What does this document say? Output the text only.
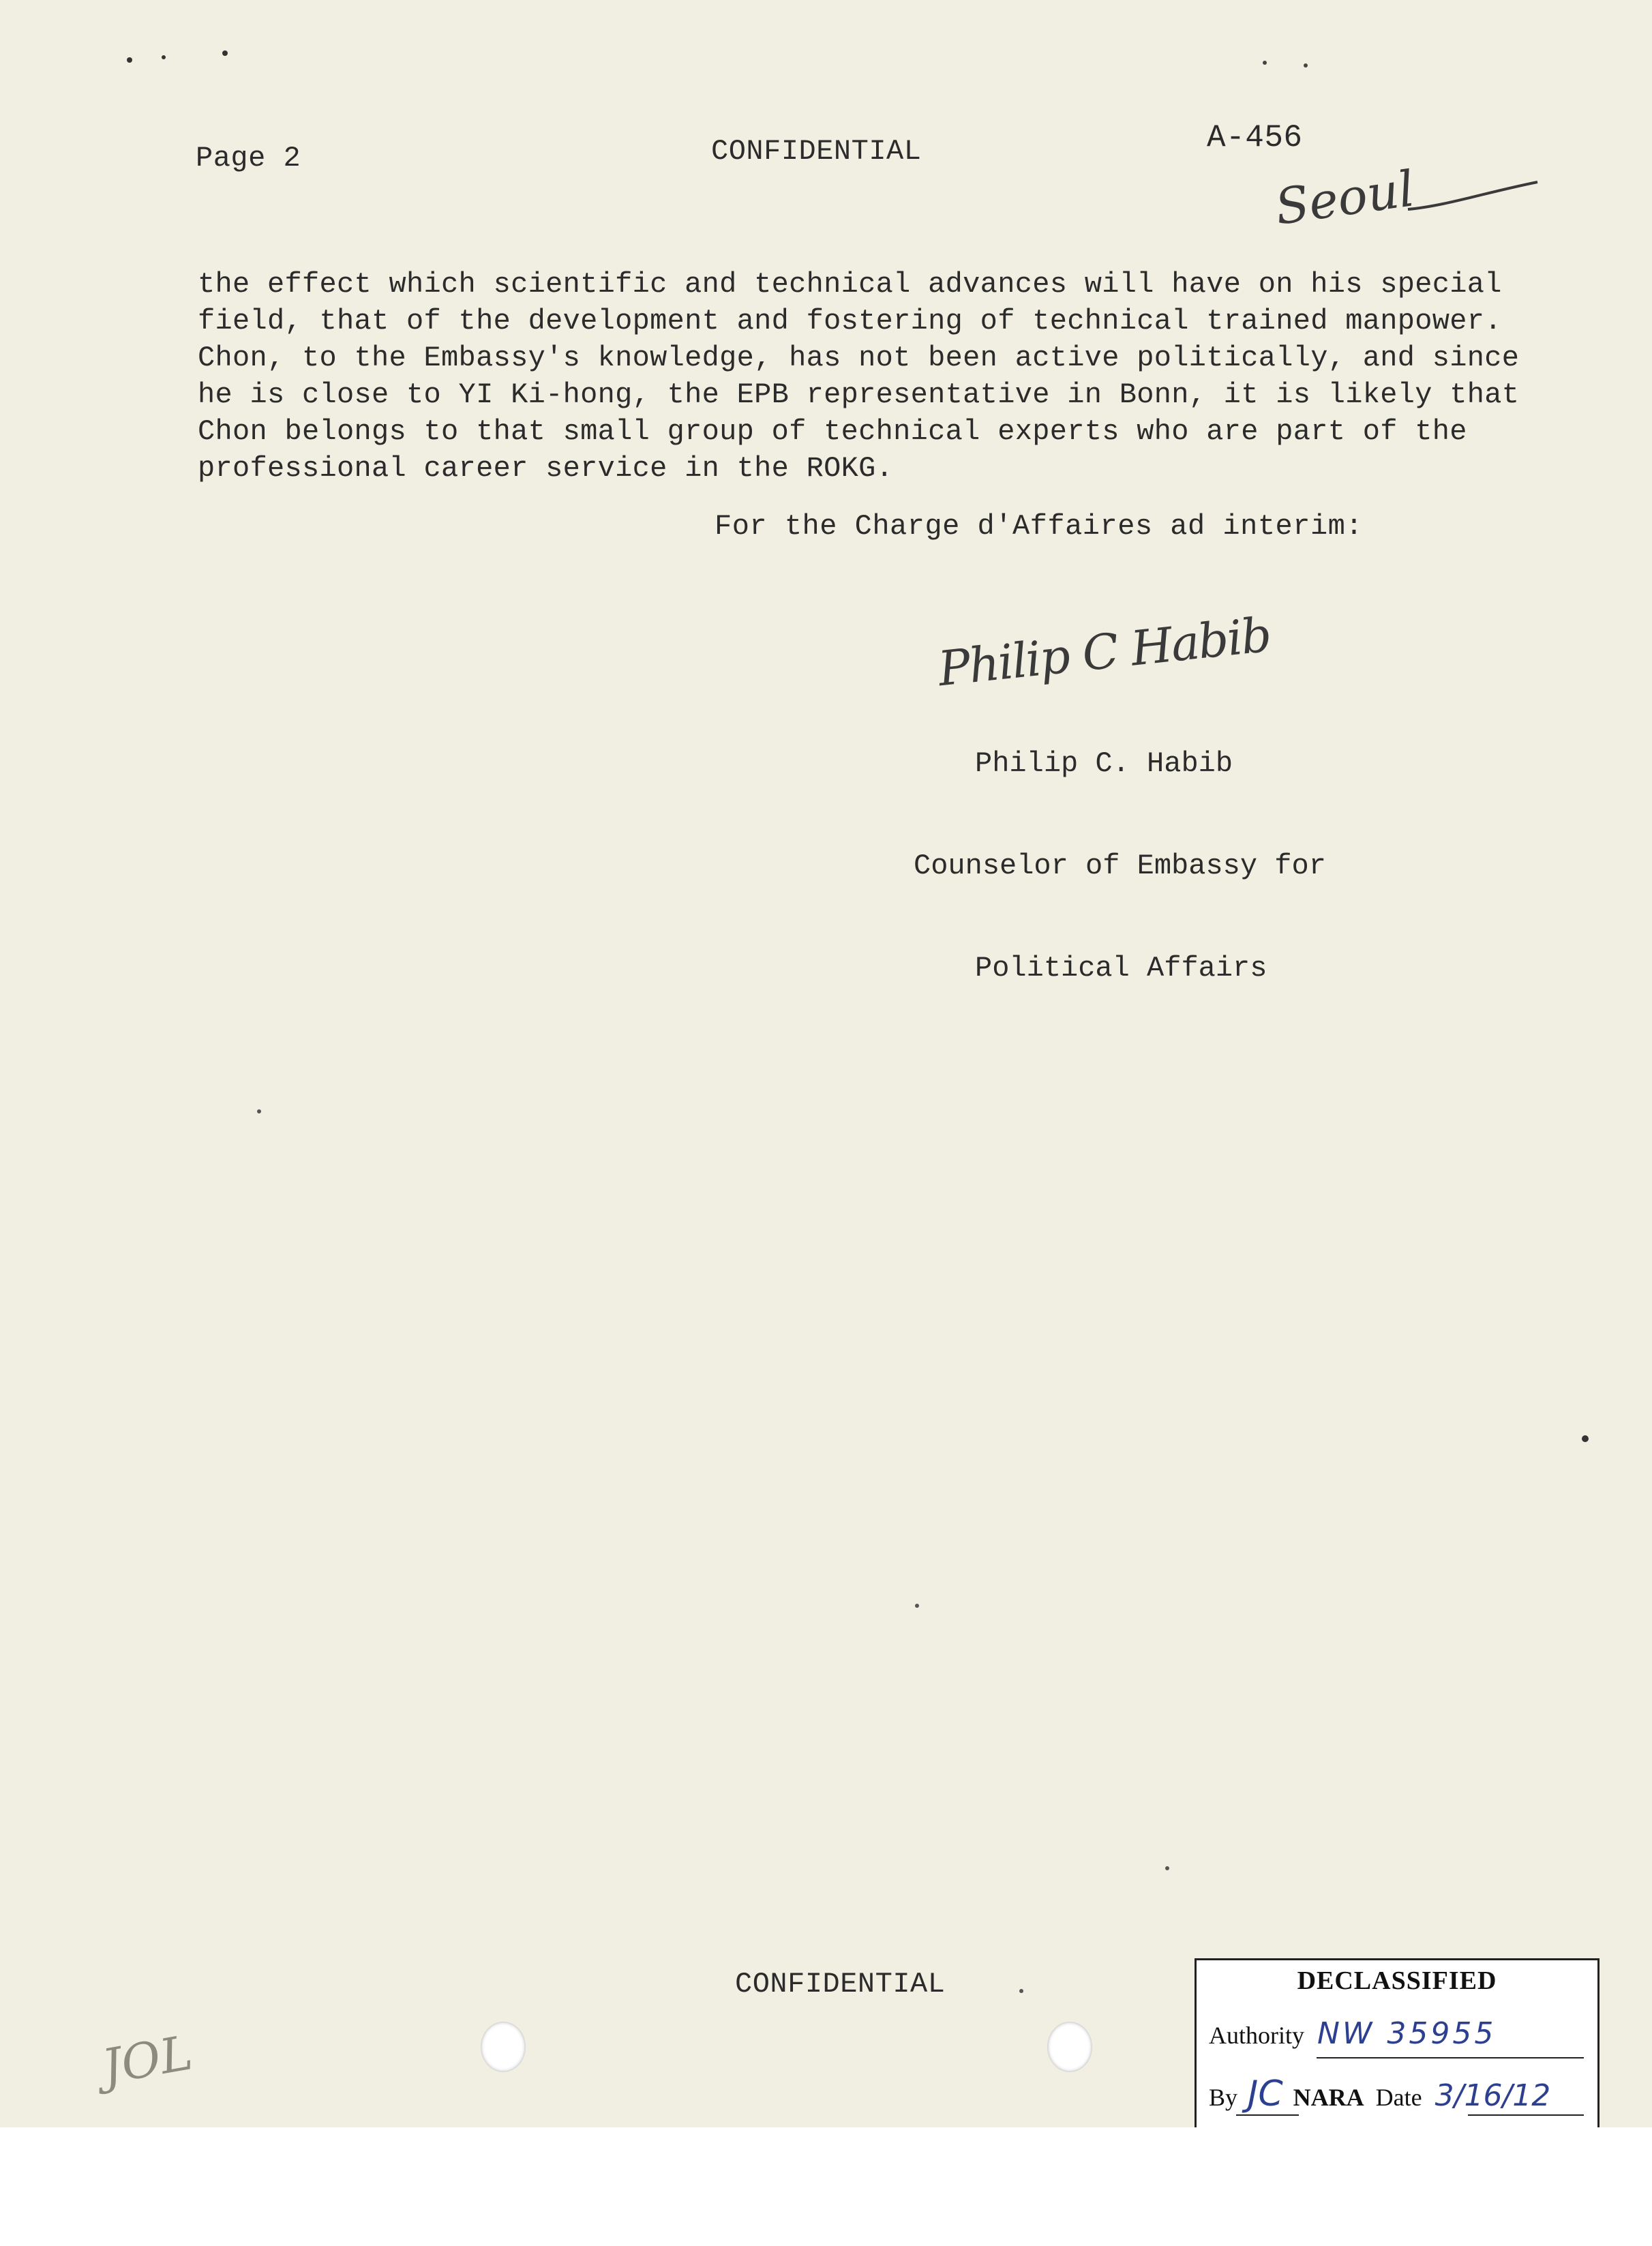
Page 2	CONFIDENTIAL	A-456
Seoul
the effect which scientific and technical advances will have on his special
field, that of the development and fostering of technical trained manpower.
Chon, to the Embassy's knowledge, has not been active politically, and since
he is close to YI Ki-hong, the EPB representative in Bonn, it is likely that
Chon belongs to that small group of technical experts who are part of the
professional career service in the ROKG.
For the Charge d'Affaires ad interim:
Philip C Habib

Philip C. Habib

Counselor of Embassy for

Political Affairs

CONFIDENTIAL
JOL
DECLASSIFIED
Authority NW 35955
By JC NARA Date 3/16/12
